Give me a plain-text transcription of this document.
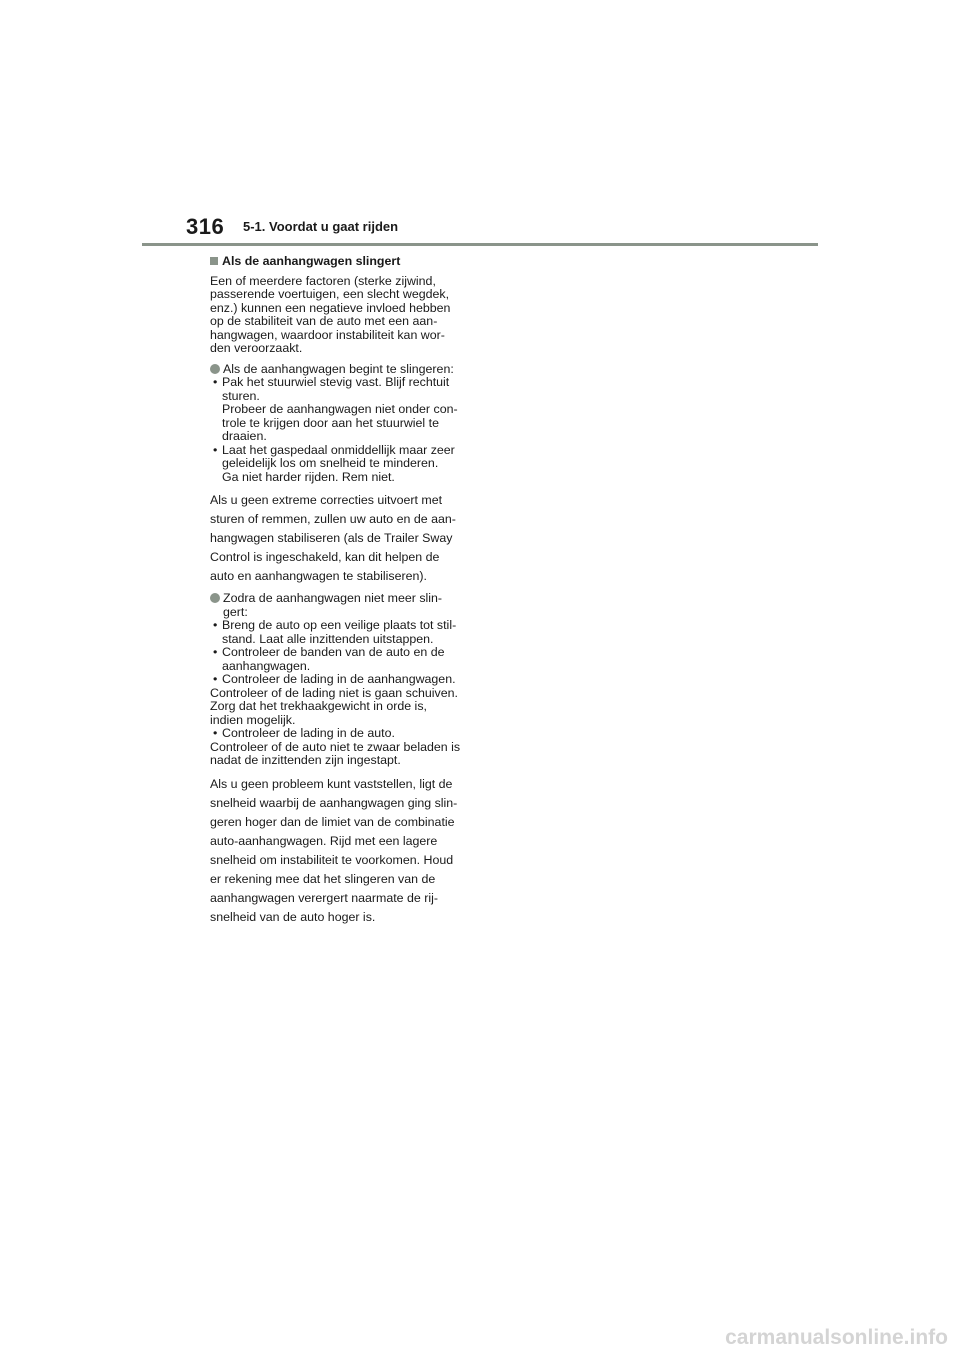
316 5-1. Voordat u gaat rijden
Als de aanhangwagen slingert
Een of meerdere factoren (sterke zijwind,
passerende voertuigen, een slecht wegdek,
enz.) kunnen een negatieve invloed hebben
op de stabiliteit van de auto met een aan-
hangwagen, waardoor instabiliteit kan wor-
den veroorzaakt.
Als de aanhangwagen begint te slingeren:
• Pak het stuurwiel stevig vast. Blijf rechtuit
sturen.
Probeer de aanhangwagen niet onder con-
trole te krijgen door aan het stuurwiel te
draaien.
• Laat het gaspedaal onmiddellijk maar zeer
geleidelijk los om snelheid te minderen.
Ga niet harder rijden. Rem niet.
Als u geen extreme correcties uitvoert met
sturen of remmen, zullen uw auto en de aan-
hangwagen stabiliseren (als de Trailer Sway
Control is ingeschakeld, kan dit helpen de
auto en aanhangwagen te stabiliseren).
Zodra de aanhangwagen niet meer slin-
gert:
• Breng de auto op een veilige plaats tot stil-
stand. Laat alle inzittenden uitstappen.
• Controleer de banden van de auto en de
aanhangwagen.
• Controleer de lading in de aanhangwagen.
Controleer of de lading niet is gaan schuiven.
Zorg dat het trekhaakgewicht in orde is,
indien mogelijk.
• Controleer de lading in de auto.
Controleer of de auto niet te zwaar beladen is
nadat de inzittenden zijn ingestapt.
Als u geen probleem kunt vaststellen, ligt de
snelheid waarbij de aanhangwagen ging slin-
geren hoger dan de limiet van de combinatie
auto-aanhangwagen. Rijd met een lagere
snelheid om instabiliteit te voorkomen. Houd
er rekening mee dat het slingeren van de
aanhangwagen verergert naarmate de rij-
snelheid van de auto hoger is.
carmanualsonline.info
